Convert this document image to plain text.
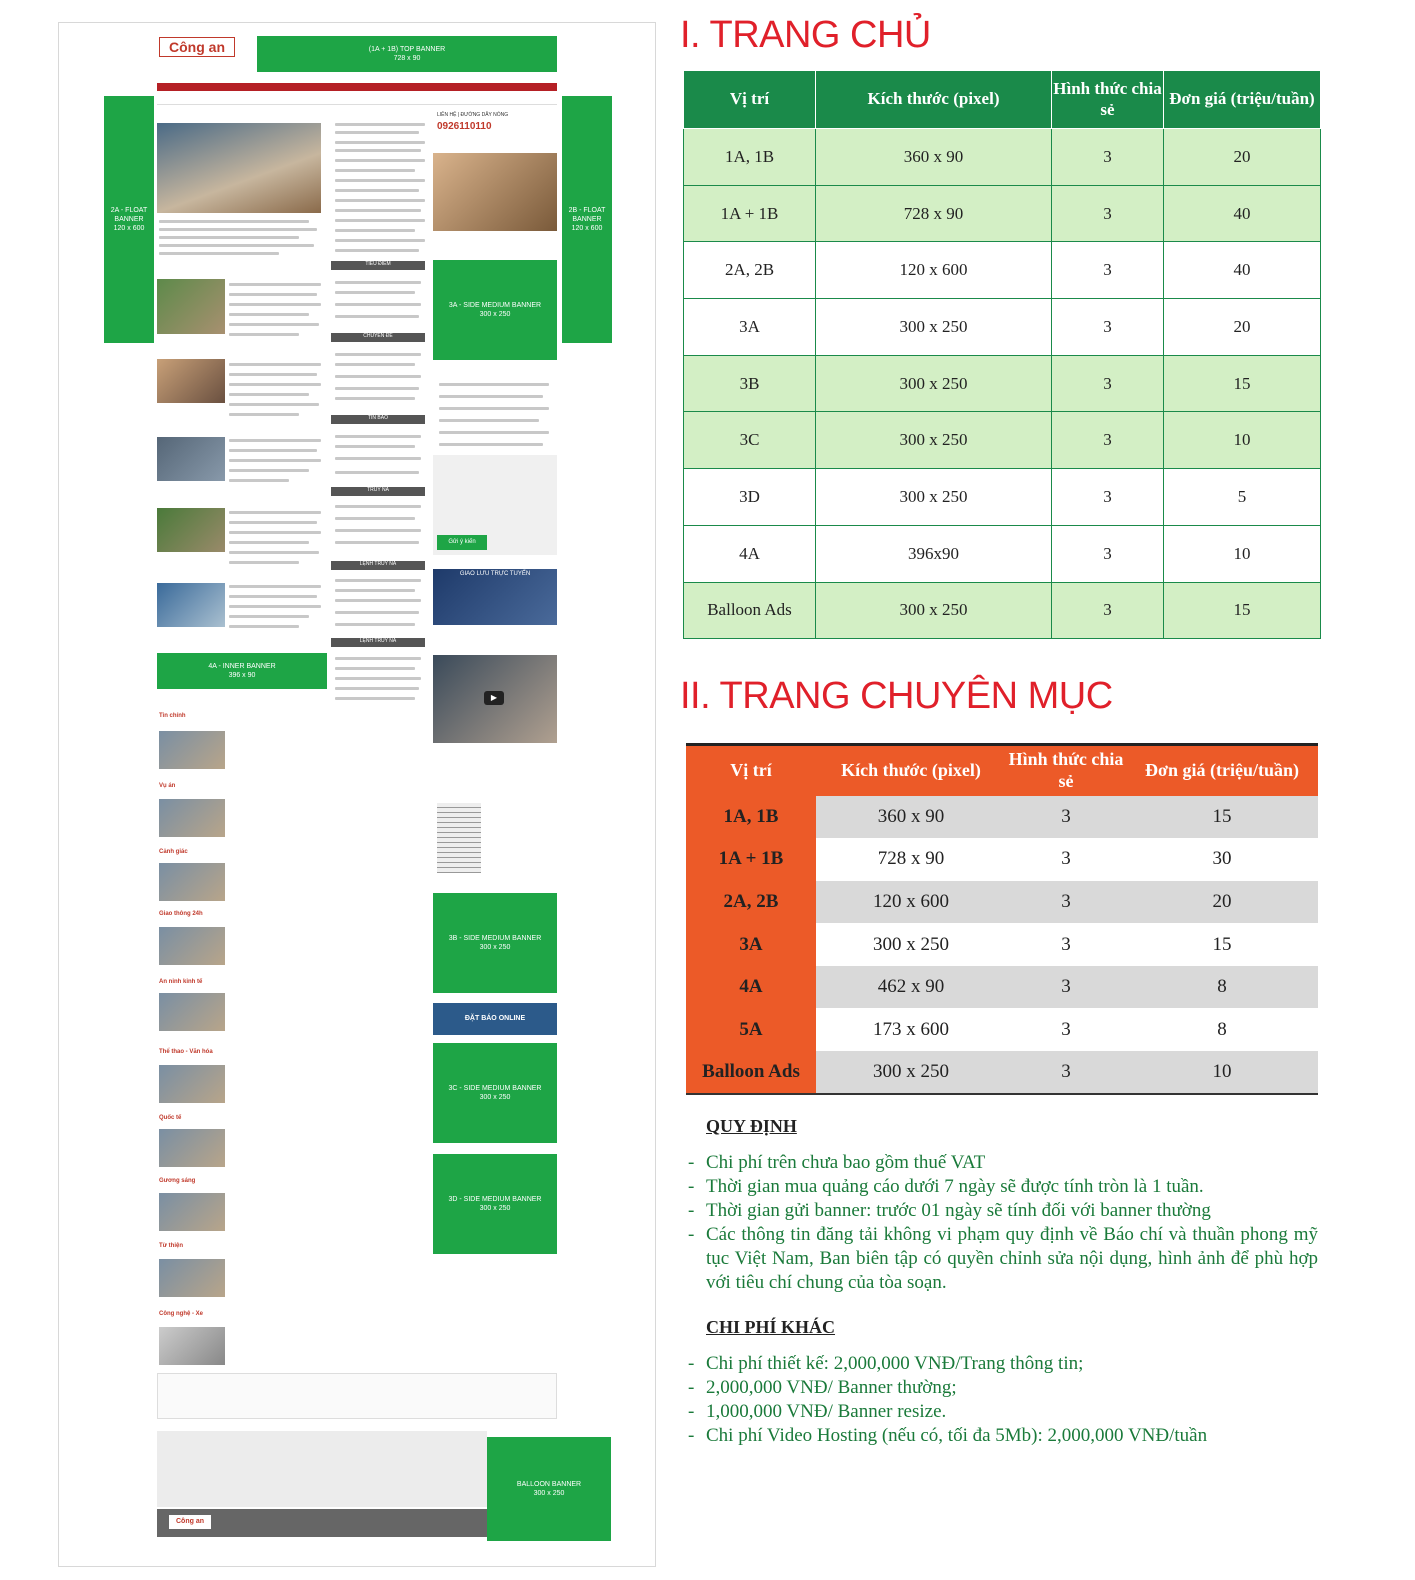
Công an	(1A + 1B) TOP BANNER
728 x 90
2A - FLOAT
BANNER
120 x 600
2B - FLOAT
BANNER
120 x 600
TIÊU ĐIỂM
CHUYÊN ĐỀ
TIN BÁO
TRUY NÃ
LỆNH TRUY NÃ
LỆNH TRUY NÃ
LIÊN HỆ | ĐƯỜNG DÂY NÓNG
0926110110
3A - SIDE MEDIUM BANNER
300 x 250
Gửi ý kiến
GIAO LƯU TRỰC TUYẾN
▶
3B - SIDE MEDIUM BANNER
300 x 250
ĐẶT BÁO ONLINE
3C - SIDE MEDIUM BANNER
300 x 250
3D - SIDE MEDIUM BANNER
300 x 250
4A - INNER BANNER
396 x 90
Tin chính
Vụ án
Cảnh giác
Giao thông 24h
An ninh kinh tế
Thể thao - Văn hóa
Quốc tế
Gương sáng
Từ thiện
Công nghệ - Xe
Công an
BALLOON BANNER
300 x 250
I. TRANG CHỦ
Vị trí	Kích thước (pixel)	Hình thức chia sẻ	Đơn giá (triệu/tuần)
1A, 1B	360 x 90	3	20
1A + 1B	728 x 90	3	40
2A, 2B	120 x 600	3	40
3A	300 x 250	3	20
3B	300 x 250	3	15
3C	300 x 250	3	10
3D	300 x 250	3	5
4A	396x90	3	10
Balloon Ads	300 x 250	3	15
II. TRANG CHUYÊN MỤC
Vị trí	Kích thước (pixel)	Hình thức chia sẻ	Đơn giá (triệu/tuần)
1A, 1B	360 x 90	3	15
1A + 1B	728 x 90	3	30
2A, 2B	120 x 600	3	20
3A	300 x 250	3	15
4A	462 x 90	3	8
5A	173 x 600	3	8
Balloon Ads	300 x 250	3	10
QUY ĐỊNH
- Chi phí trên chưa bao gồm thuế VAT
- Thời gian mua quảng cáo dưới 7 ngày sẽ được tính tròn là 1 tuần.
- Thời gian gửi banner: trước 01 ngày sẽ tính đối với banner thường
- Các thông tin đăng tải không vi phạm quy định về Báo chí và thuần phong mỹ tục Việt Nam, Ban biên tập có quyền chỉnh sửa nội dụng, hình ảnh để phù hợp với tiêu chí chung của tòa soạn.
CHI PHÍ KHÁC
- Chi phí thiết kế: 2,000,000 VNĐ/Trang thông tin;
- 2,000,000 VNĐ/ Banner thường;
- 1,000,000 VNĐ/ Banner resize.
- Chi phí Video Hosting (nếu có, tối đa 5Mb): 2,000,000 VNĐ/tuần
